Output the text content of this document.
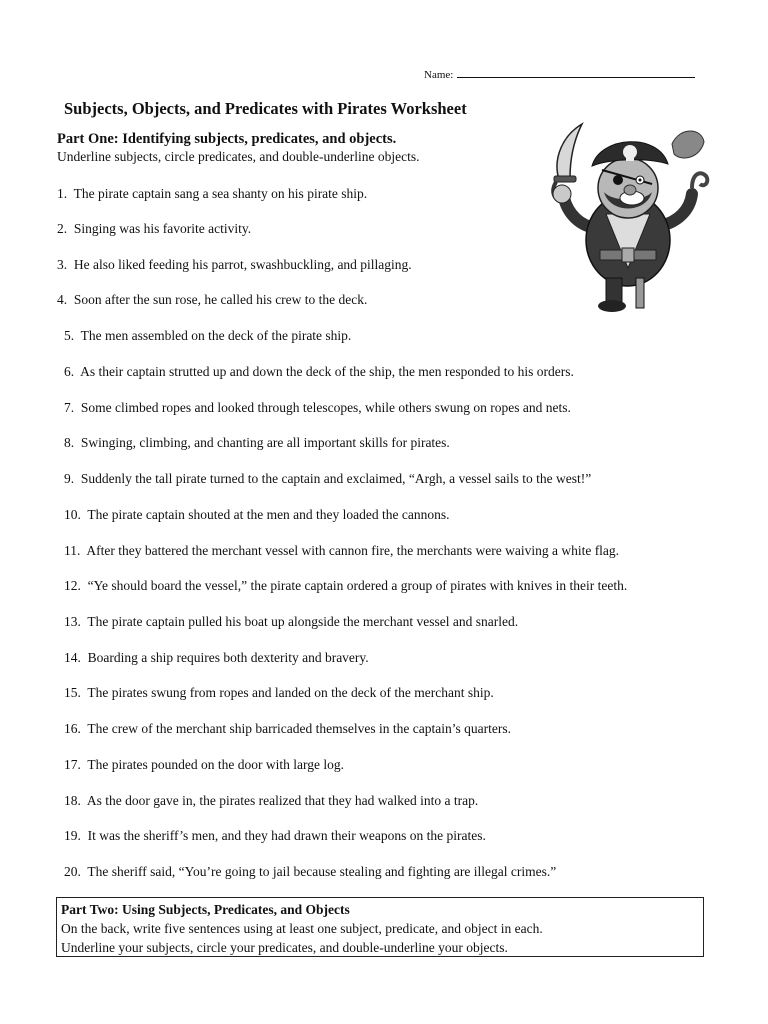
Name:
Subjects, Objects, and Predicates with Pirates Worksheet
Part One: Identifying subjects, predicates, and objects.
Underline subjects, circle predicates, and double-underline objects.
1. The pirate captain sang a sea shanty on his pirate ship.
2. Singing was his favorite activity.
3. He also liked feeding his parrot, swashbuckling, and pillaging.
4. Soon after the sun rose, he called his crew to the deck.
5. The men assembled on the deck of the pirate ship.
6. As their captain strutted up and down the deck of the ship, the men responded to his orders.
7. Some climbed ropes and looked through telescopes, while others swung on ropes and nets.
8. Swinging, climbing, and chanting are all important skills for pirates.
9. Suddenly the tall pirate turned to the captain and exclaimed, “Argh, a vessel sails to the west!”
10. The pirate captain shouted at the men and they loaded the cannons.
11. After they battered the merchant vessel with cannon fire, the merchants were waiving a white flag.
12. “Ye should board the vessel,” the pirate captain ordered a group of pirates with knives in their teeth.
13. The pirate captain pulled his boat up alongside the merchant vessel and snarled.
14. Boarding a ship requires both dexterity and bravery.
15. The pirates swung from ropes and landed on the deck of the merchant ship.
16. The crew of the merchant ship barricaded themselves in the captain’s quarters.
17. The pirates pounded on the door with large log.
18. As the door gave in, the pirates realized that they had walked into a trap.
19. It was the sheriff’s men, and they had drawn their weapons on the pirates.
20. The sheriff said, “You’re going to jail because stealing and fighting are illegal crimes.”
Part Two: Using Subjects, Predicates, and Objects
On the back, write five sentences using at least one subject, predicate, and object in each.
Underline your subjects, circle your predicates, and double-underline your objects.
